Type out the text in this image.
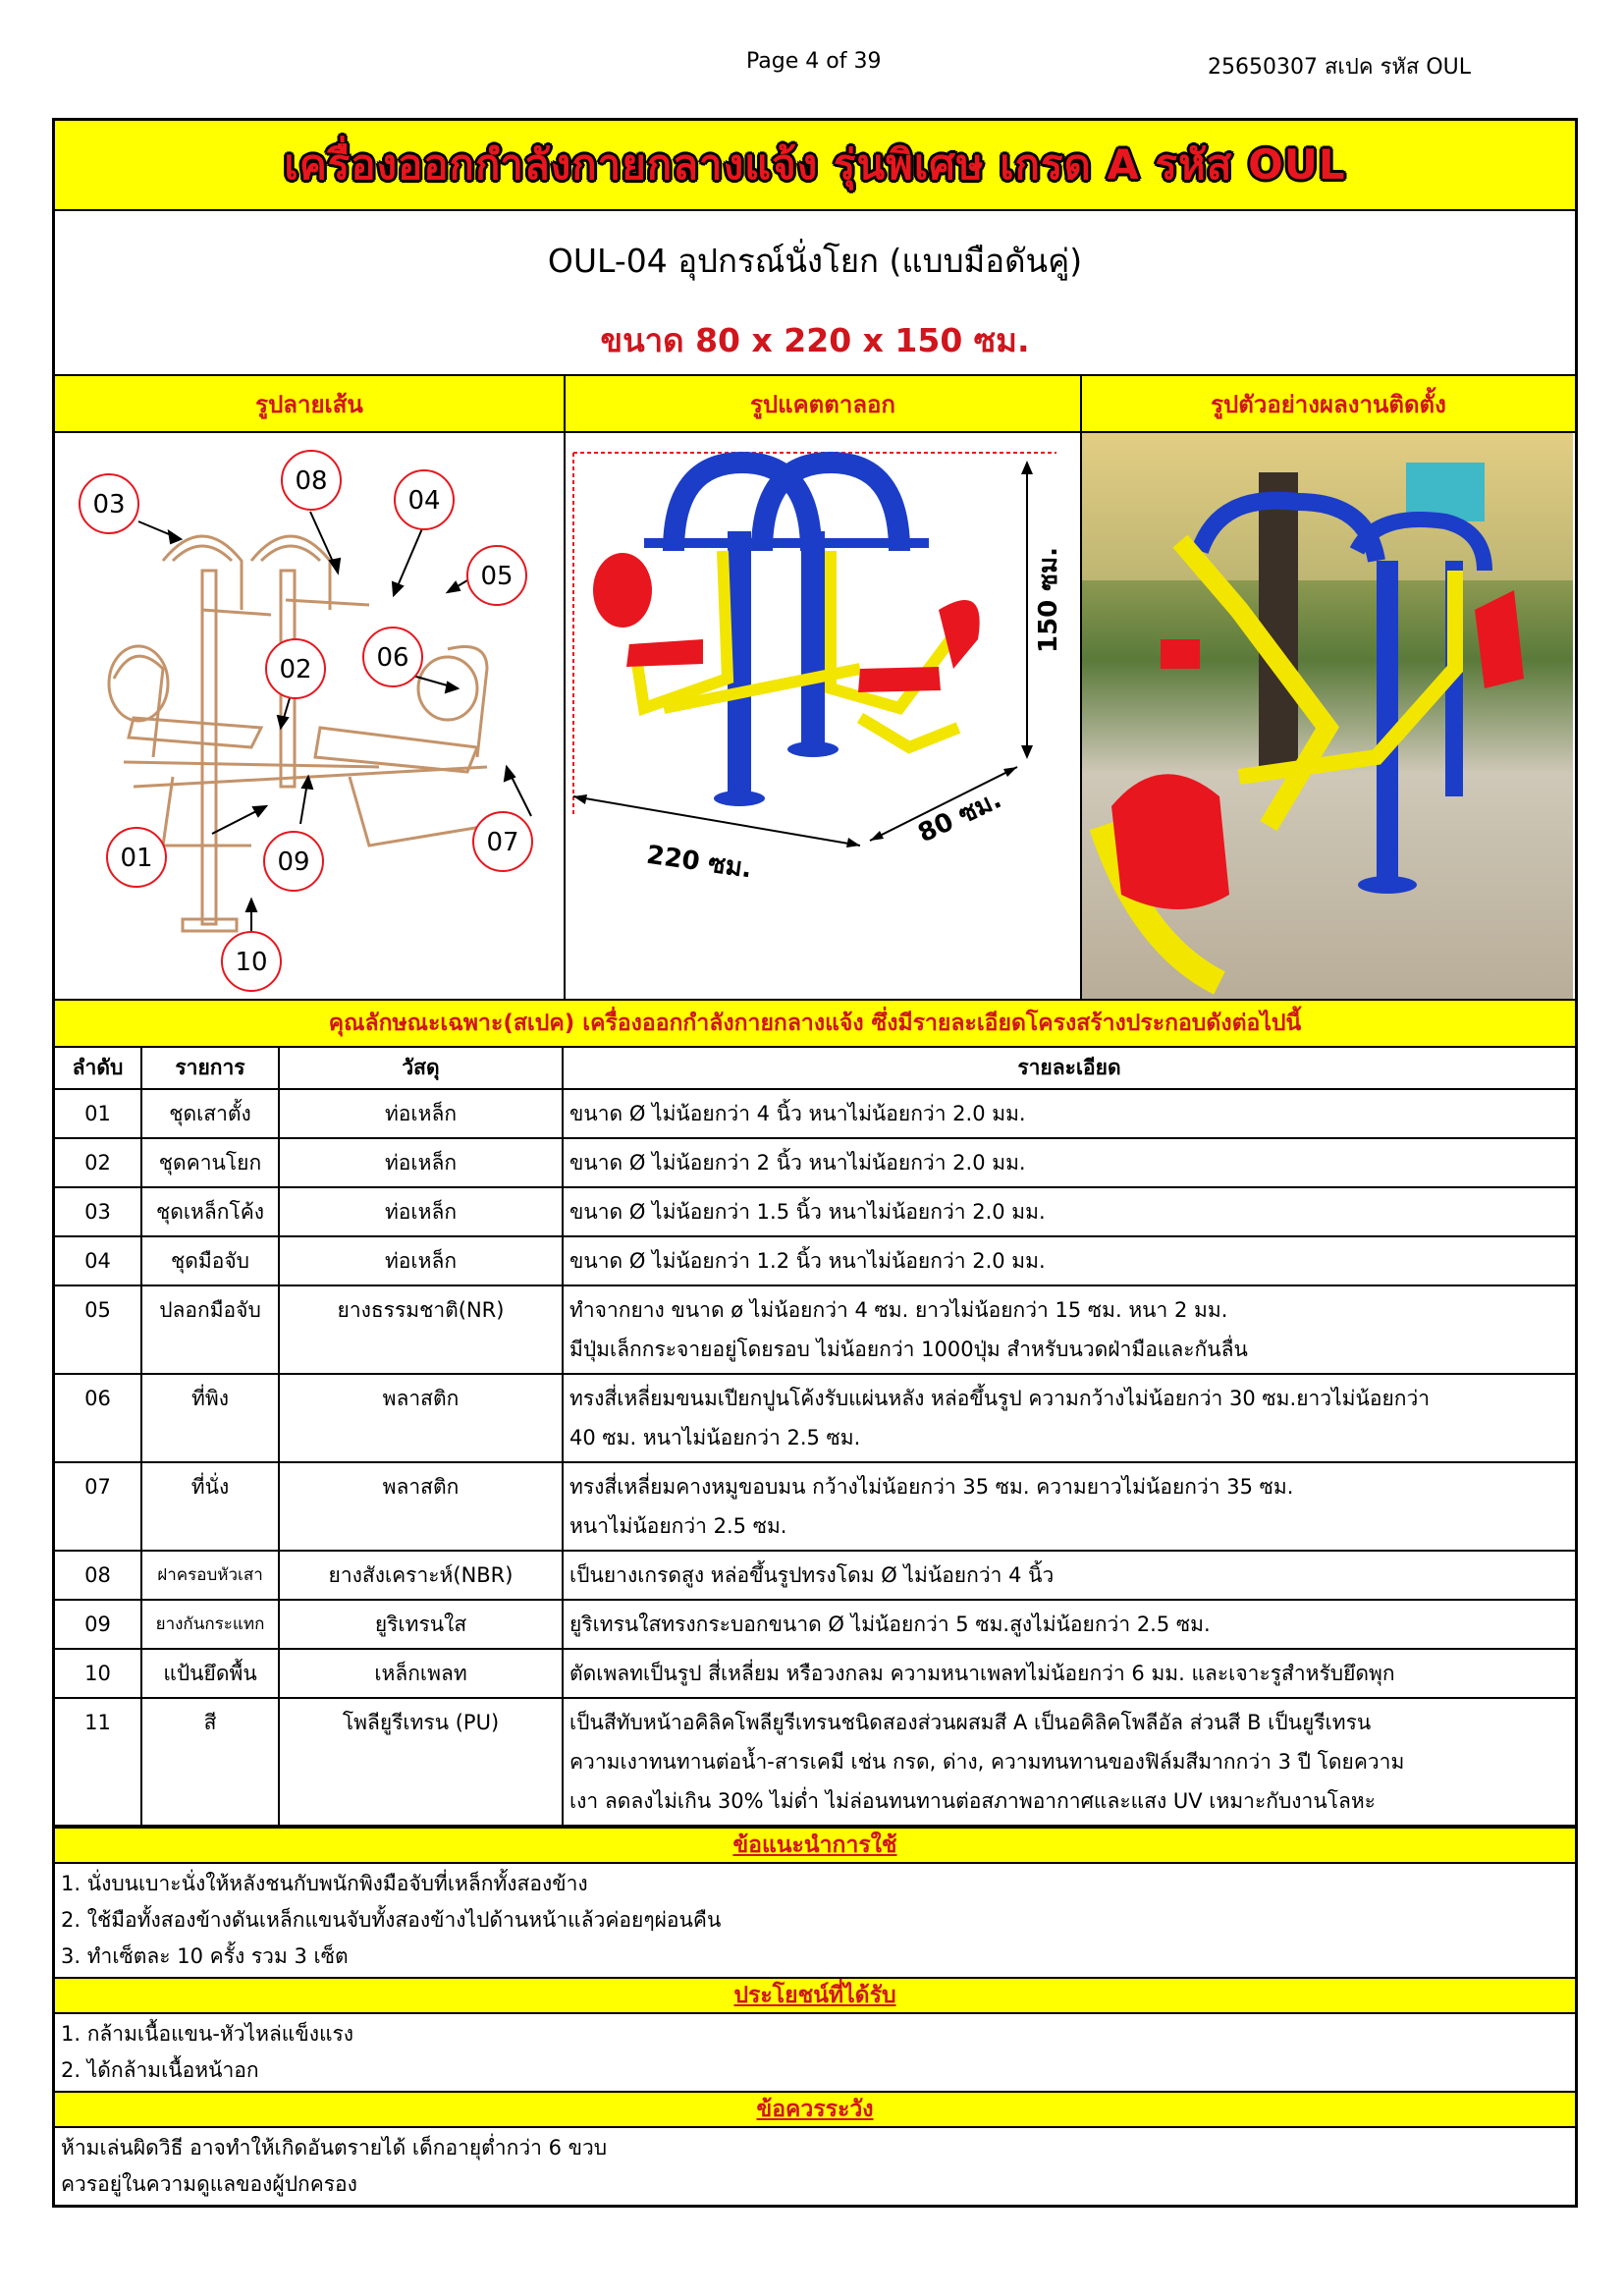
Page 4 of 39	25650307 สเปค รหัส OUL
เครื่องออกกำลังกายกลางแจ้ง รุ่นพิเศษ เกรด A รหัส OUL
OUL-04 อุปกรณ์นั่งโยก (แบบมือดันคู่)
ขนาด 80 x 220 x 150 ซม.
รูปลายเส้น	รูปแคตตาลอก	รูปตัวอย่างผลงานติดตั้ง
03
08
04
05
02	06
01	09
07
10
150 ซม.
220 ซม.
80 ซม.
คุณลักษณะเฉพาะ(สเปค) เครื่องออกกำลังกายกลางแจ้ง ซึ่งมีรายละเอียดโครงสร้างประกอบดังต่อไปนี้
ลำดับ	รายการ	วัสดุ	รายละเอียด
01	ชุดเสาตั้ง	ท่อเหล็ก	ขนาด Ø ไม่น้อยกว่า 4 นิ้ว หนาไม่น้อยกว่า 2.0 มม.
02	ชุดคานโยก	ท่อเหล็ก	ขนาด Ø ไม่น้อยกว่า 2 นิ้ว หนาไม่น้อยกว่า 2.0 มม.
03	ชุดเหล็กโค้ง	ท่อเหล็ก	ขนาด Ø ไม่น้อยกว่า 1.5 นิ้ว หนาไม่น้อยกว่า 2.0 มม.
04	ชุดมือจับ	ท่อเหล็ก	ขนาด Ø ไม่น้อยกว่า 1.2 นิ้ว หนาไม่น้อยกว่า 2.0 มม.
05	ปลอกมือจับ	ยางธรรมชาติ(NR)	ทำจากยาง ขนาด ø ไม่น้อยกว่า 4 ซม. ยาวไม่น้อยกว่า 15 ซม. หนา 2 มม.
มีปุ่มเล็กกระจายอยู่โดยรอบ ไม่น้อยกว่า 1000ปุ่ม สำหรับนวดฝ่ามือและกันลื่น
06	ที่พิง	พลาสติก	ทรงสี่เหลี่ยมขนมเปียกปูนโค้งรับแผ่นหลัง หล่อขึ้นรูป ความกว้างไม่น้อยกว่า 30 ซม.ยาวไม่น้อยกว่า
40 ซม. หนาไม่น้อยกว่า 2.5 ซม.
07	ที่นั่ง	พลาสติก	ทรงสี่เหลี่ยมคางหมูขอบมน กว้างไม่น้อยกว่า 35 ซม. ความยาวไม่น้อยกว่า 35 ซม.
หนาไม่น้อยกว่า 2.5 ซม.
08	ฝาครอบหัวเสา	ยางสังเคราะห์(NBR)	เป็นยางเกรดสูง หล่อขึ้นรูปทรงโดม Ø ไม่น้อยกว่า 4 นิ้ว
09	ยางกันกระแทก	ยูริเทรนใส	ยูริเทรนใสทรงกระบอกขนาด Ø ไม่น้อยกว่า 5 ซม.สูงไม่น้อยกว่า 2.5 ซม.
10	แป้นยึดพื้น	เหล็กเพลท	ตัดเพลทเป็นรูป สี่เหลี่ยม หรือวงกลม ความหนาเพลทไม่น้อยกว่า 6 มม. และเจาะรูสำหรับยึดพุก
11	สี	โพลียูรีเทรน (PU)	เป็นสีทับหน้าอคิลิคโพลียูรีเทรนชนิดสองส่วนผสมสี A เป็นอคิลิคโพลีอัล ส่วนสี B เป็นยูรีเทรน
ความเงาทนทานต่อน้ำ-สารเคมี เช่น กรด, ด่าง, ความทนทานของฟิล์มสีมากกว่า 3 ปี โดยความ
เงา ลดลงไม่เกิน 30% ไม่ด่ำ ไม่ล่อนทนทานต่อสภาพอากาศและแสง UV เหมาะกับงานโลหะ
ข้อแนะนำการใช้
1. นั่งบนเบาะนั่งให้หลังชนกับพนักพิงมือจับที่เหล็กทั้งสองข้าง
2. ใช้มือทั้งสองข้างดันเหล็กแขนจับทั้งสองข้างไปด้านหน้าแล้วค่อยๆผ่อนคืน
3. ทำเซ็ตละ 10 ครั้ง รวม 3 เซ็ต
ประโยชน์ที่ได้รับ
1. กล้ามเนื้อแขน-หัวไหล่แข็งแรง
2. ได้กล้ามเนื้อหน้าอก
ข้อควรระวัง
ห้ามเล่นผิดวิธี อาจทำให้เกิดอันตรายได้ เด็กอายุต่ำกว่า 6 ขวบ
ควรอยู่ในความดูแลของผู้ปกครอง
